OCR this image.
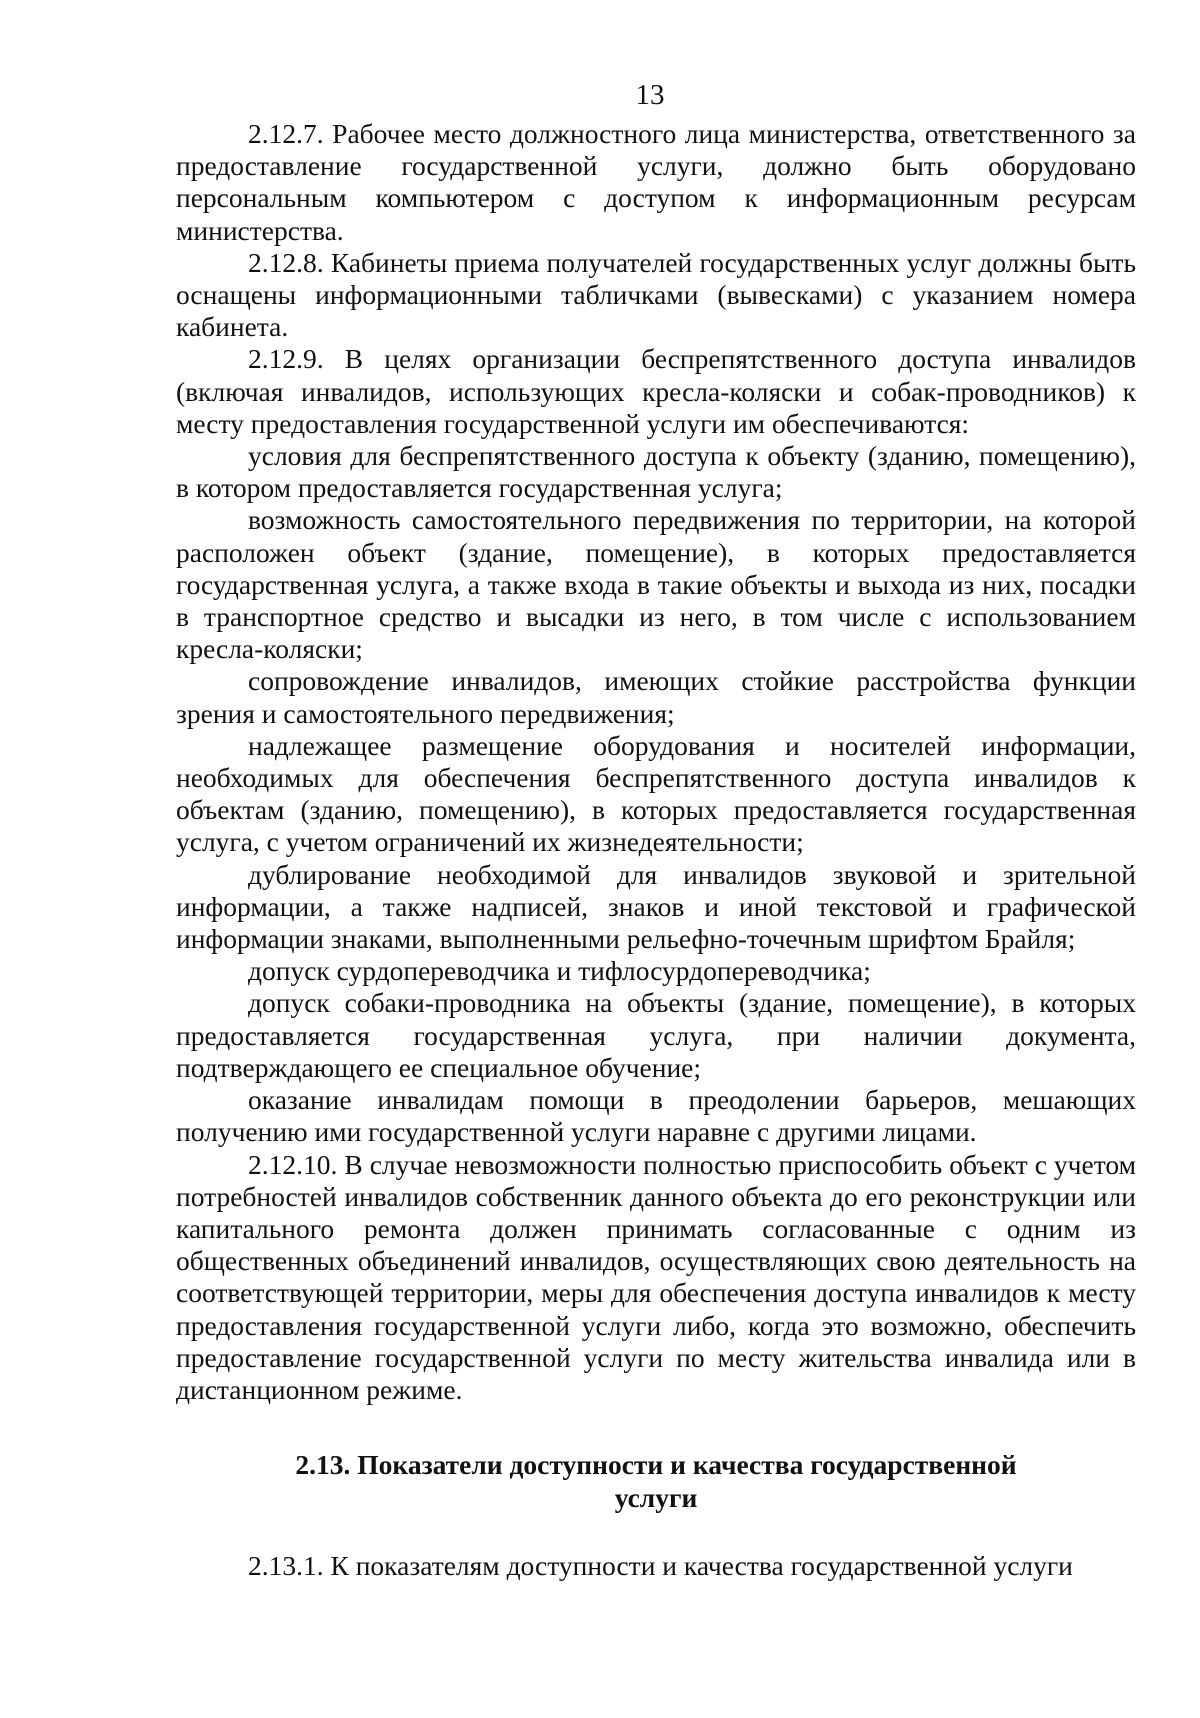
13

2.12.7. Рабочее место должностного лица министерства, ответственного за предоставление государственной услуги, должно быть оборудовано персональным компьютером с доступом к информационным ресурсам министерства.

2.12.8. Кабинеты приема получателей государственных услуг должны быть оснащены информационными табличками (вывесками) с указанием номера кабинета.

2.12.9. В целях организации беспрепятственного доступа инвалидов (включая инвалидов, использующих кресла-коляски и собак-проводников) к месту предоставления государственной услуги им обеспечиваются:

условия для беспрепятственного доступа к объекту (зданию, помещению), в котором предоставляется государственная услуга;

возможность самостоятельного передвижения по территории, на которой расположен объект (здание, помещение), в которых предоставляется государственная услуга, а также входа в такие объекты и выхода из них, посадки в транспортное средство и высадки из него, в том числе с использованием кресла-коляски;

сопровождение инвалидов, имеющих стойкие расстройства функции зрения и самостоятельного передвижения;

надлежащее размещение оборудования и носителей информации, необходимых для обеспечения беспрепятственного доступа инвалидов к объектам (зданию, помещению), в которых предоставляется государственная услуга, с учетом ограничений их жизнедеятельности;

дублирование необходимой для инвалидов звуковой и зрительной информации, а также надписей, знаков и иной текстовой и графической информации знаками, выполненными рельефно-точечным шрифтом Брайля;

допуск сурдопереводчика и тифлосурдопереводчика;

допуск собаки-проводника на объекты (здание, помещение), в которых предоставляется государственная услуга, при наличии документа, подтверждающего ее специальное обучение;

оказание инвалидам помощи в преодолении барьеров, мешающих получению ими государственной услуги наравне с другими лицами.

2.12.10. В случае невозможности полностью приспособить объект с учетом потребностей инвалидов собственник данного объекта до его реконструкции или капитального ремонта должен принимать согласованные с одним из общественных объединений инвалидов, осуществляющих свою деятельность на соответствующей территории, меры для обеспечения доступа инвалидов к месту предоставления государственной услуги либо, когда это возможно, обеспечить предоставление государственной услуги по месту жительства инвалида или в дистанционном режиме.

2.13. Показатели доступности и качества государственной услуги

2.13.1. К показателям доступности и качества государственной услуги
